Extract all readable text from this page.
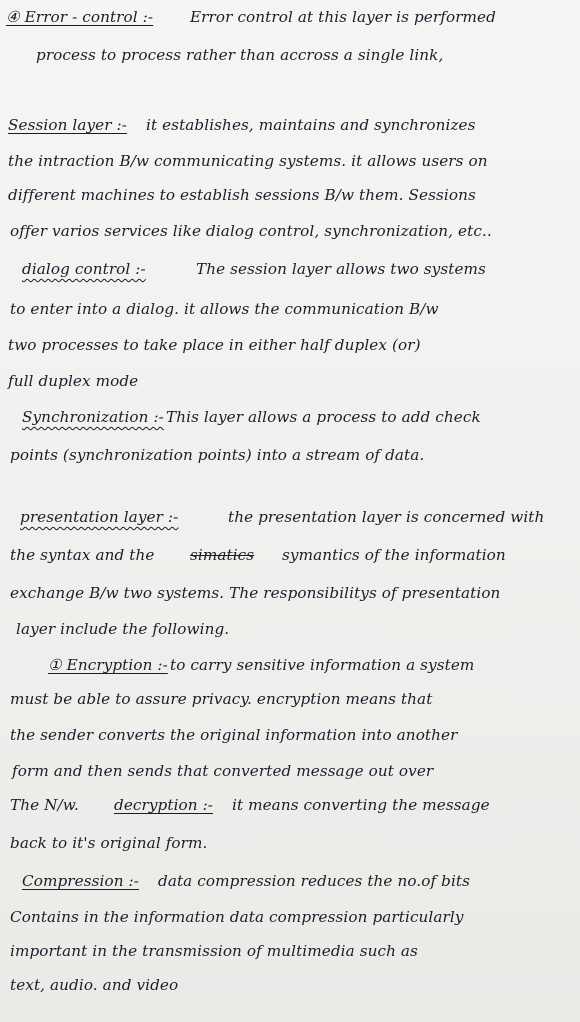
④ Error - control :- Error control at this layer is performed
process to process rather than accross a single link,
Session layer :- it establishes, maintains and synchronizes
the intraction B/w communicating systems. it allows users on
different machines to establish sessions B/w them. Sessions
offer varios services like dialog control, synchronization, etc..
dialog control :-	The session layer allows two systems
to enter into a dialog. it allows the communication B/w
two processes to take place in either half duplex (or)
full duplex mode
Synchronization :- This layer allows a process to add check
points (synchronization points) into a stream of data.
presentation layer :-	the presentation layer is concerned with
the syntax and the simatics symantics of the information
exchange B/w two systems. The responsibilitys of presentation
layer include the following.
① Encryption :- to carry sensitive information a system
must be able to assure privacy. encryption means that
the sender converts the original information into another
form and then sends that converted message out over
The N/w. decryption :- it means converting the message
back to it's original form.
Compression :- data compression reduces the no.of bits
Contains in the information data compression particularly
important in the transmission of multimedia such as
text, audio. and video
